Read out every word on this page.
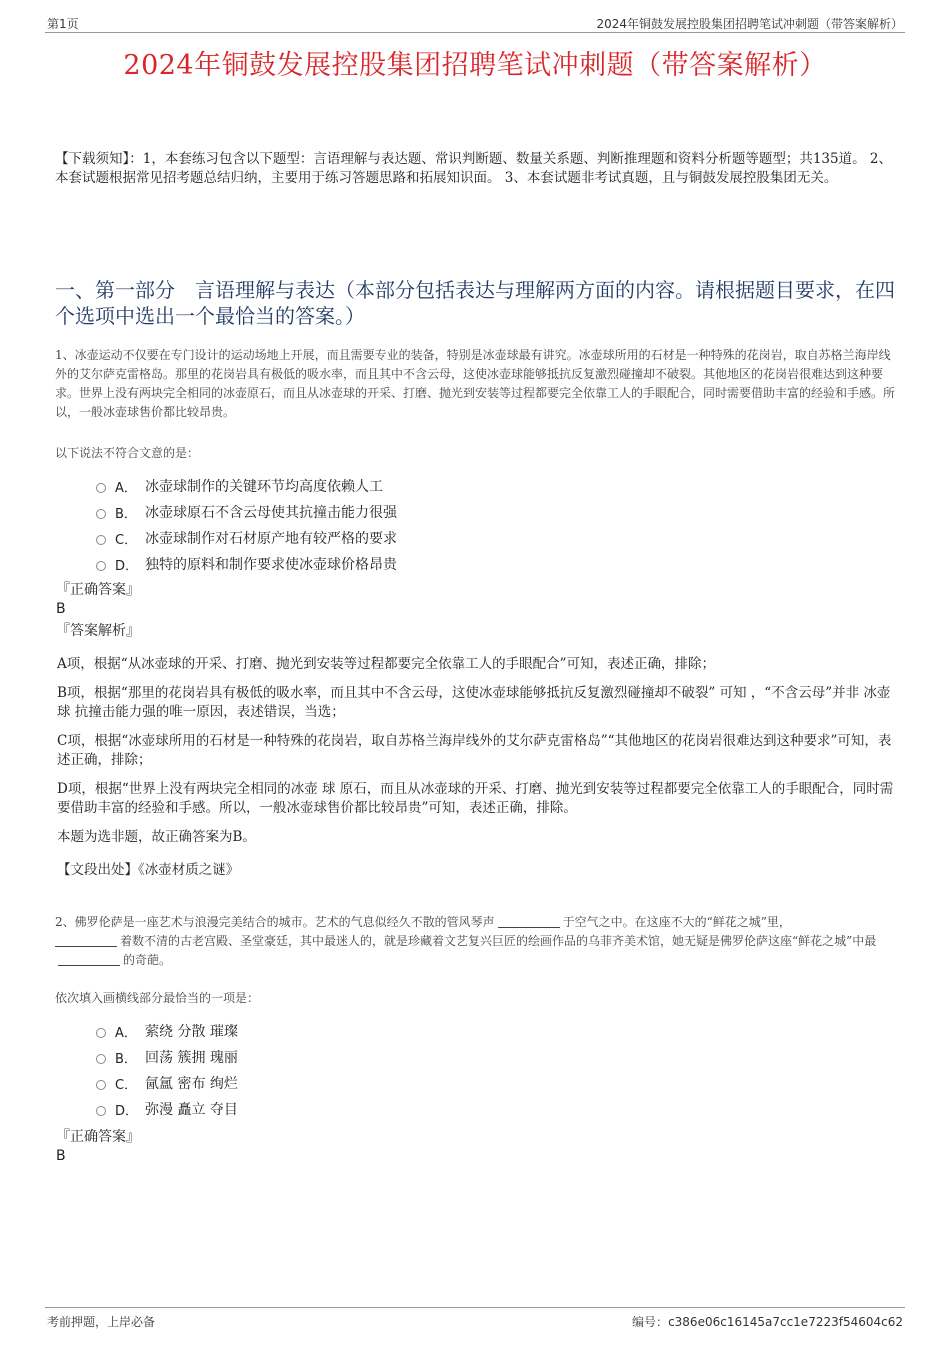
第1页	2024年铜鼓发展控股集团招聘笔试冲刺题（带答案解析）
2024年铜鼓发展控股集团招聘笔试冲刺题（带答案解析）
【下载须知】：1，本套练习包含以下题型：言语理解与表达题、常识判断题、数量关系题、判断推理题和资料分析题等题型；共135道。 2、本套试题根据常见招考题总结归纳，主要用于练习答题思路和拓展知识面。 3、本套试题非考试真题，且与铜鼓发展控股集团无关。
一、第一部分　言语理解与表达（本部分包括表达与理解两方面的内容。请根据题目要求，在四个选项中选出一个最恰当的答案。）
1、冰壶运动不仅要在专门设计的运动场地上开展，而且需要专业的装备，特别是冰壶球最有讲究。冰壶球所用的石材是一种特殊的花岗岩，取自苏格兰海岸线外的艾尔萨克雷格岛。那里的花岗岩具有极低的吸水率，而且其中不含云母，这使冰壶球能够抵抗反复激烈碰撞却不破裂。其他地区的花岗岩很难达到这种要求。世界上没有两块完全相同的冰壶原石，而且从冰壶球的开采、打磨、抛光到安装等过程都要完全依靠工人的手眼配合，同时需要借助丰富的经验和手感。所以，一般冰壶球售价都比较昂贵。
以下说法不符合文意的是：
A． 冰壶球制作的关键环节均高度依赖人工
B． 冰壶球原石不含云母使其抗撞击能力很强
C． 冰壶球制作对石材原产地有较严格的要求
D． 独特的原料和制作要求使冰壶球价格昂贵
『正确答案』
B
『答案解析』

A项，根据“从冰壶球的开采、打磨、抛光到安装等过程都要完全依靠工人的手眼配合”可知，表述正确，排除；

B项，根据“那里的花岗岩具有极低的吸水率，而且其中不含云母，这使冰壶球能够抵抗反复激烈碰撞却不破裂” 可知 ，“不含云母”并非 冰壶球 抗撞击能力强的唯一原因，表述错误，当选；

C项，根据“冰壶球所用的石材是一种特殊的花岗岩，取自苏格兰海岸线外的艾尔萨克雷格岛”“其他地区的花岗岩很难达到这种要求”可知，表述正确，排除；

D项，根据“世界上没有两块完全相同的冰壶 球 原石，而且从冰壶球的开采、打磨、抛光到安装等过程都要完全依靠工人的手眼配合，同时需要借助丰富的经验和手感。所以，一般冰壶球售价都比较昂贵”可知，表述正确，排除。

本题为选非题，故正确答案为B。

【文段出处】《冰壶材质之谜》

2、佛罗伦萨是一座艺术与浪漫完美结合的城市。艺术的气息似经久不散的管风琴声	于空气之中。在这座不大的“鲜花之城”里，
着数不清的古老宫殿、圣堂豪廷，其中最迷人的，就是珍藏着文艺复兴巨匠的绘画作品的乌菲齐美术馆，她无疑是佛罗伦萨这座“鲜花之城”中最的奇葩。
依次填入画横线部分最恰当的一项是：
A． 萦绕 分散 璀璨
B． 回荡 簇拥 瑰丽
C． 氤氲 密布 绚烂
D． 弥漫 矗立 夺目
『正确答案』
B
考前押题，上岸必备	编号：c386e06c16145a7cc1e7223f54604c62
